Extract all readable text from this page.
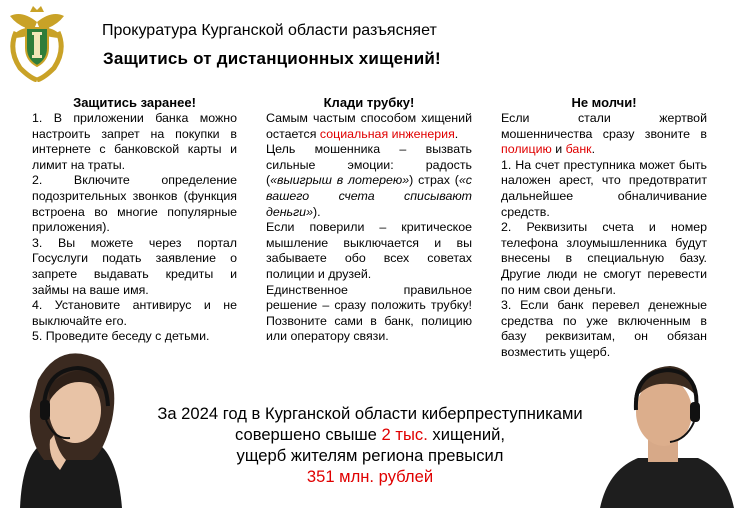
Прокуратура Курганской области разъясняет
Защитись от дистанционных хищений!
Защитись заранее!

1. В приложении банка можно настроить запрет на покупки в интернете с банковской карты и лимит на траты.

2. Включите определение подозрительных звонков (функция встроена во многие популярные приложения).

3. Вы можете через портал Госуслуги подать заявление о запрете выдавать кредиты и займы на ваше имя.

4. Установите антивирус и не выключайте его.

5. Проведите беседу с детьми.

Клади трубку!

Самым частым способом хищений остается социальная инженерия.

Цель мошенника – вызвать сильные эмоции: радость («выигрыш в лотерею») страх («с вашего счета списывают деньги»).

Если поверили – критическое мышление выключается и вы забываете обо всех советах полиции и друзей.

Единственное правильное решение – сразу положить трубку! Позвоните сами в банк, полицию или оператору связи.

Не молчи!

Если стали жертвой мошенничества сразу звоните в полицию и банк.

1. На счет преступника может быть наложен арест, что предотвратит дальнейшее обналичивание средств.

2. Реквизиты счета и номер телефона злоумышленника будут внесены в специальную базу. Другие люди не смогут перевести по ним свои деньги.

3. Если банк перевел денежные средства по уже включенным в базу реквизитам, он обязан возместить ущерб.

За 2024 год в Курганской области киберпреступниками
совершено свыше 2 тыс. хищений,
ущерб жителям региона превысил
351 млн. рублей
